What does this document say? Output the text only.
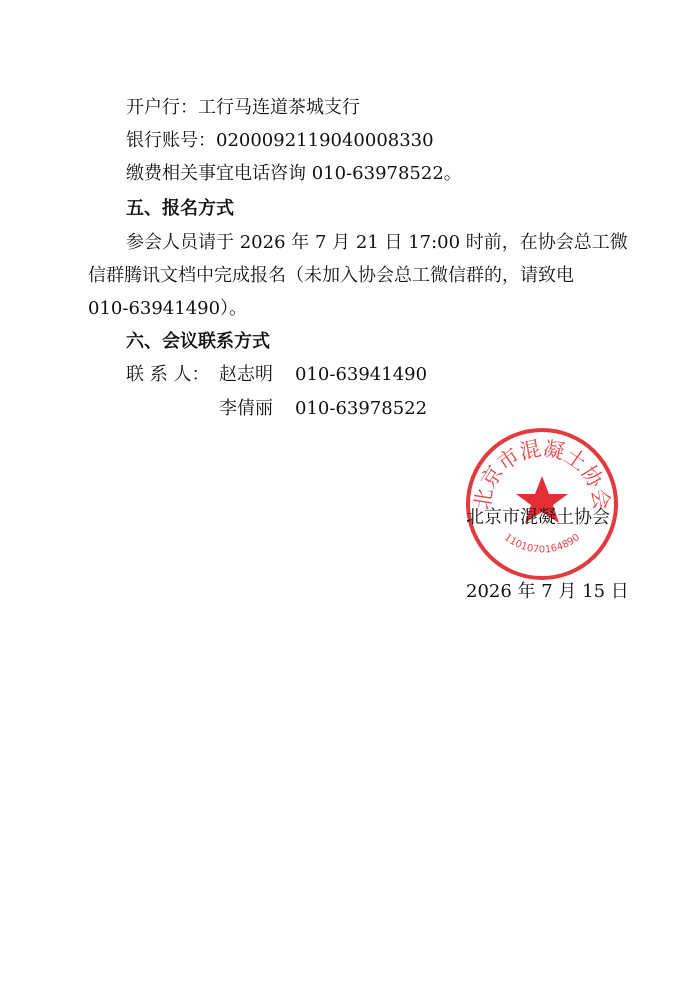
开户行：工行马连道茶城支行
银行账号：0200092119040008330
缴费相关事宜电话咨询 010-63978522。
五、报名方式
参会人员请于 2026 年 7 月 21 日 17:00 时前，在协会总工微
信群腾讯文档中完成报名（未加入协会总工微信群的，请致电
010-63941490）。
六、会议联系方式
联 系 人： 赵志明 010-63941490
李倩丽 010-63978522
北京市混凝土协会
1101070164890
北京市混凝土协会
2026 年 7 月 15 日
